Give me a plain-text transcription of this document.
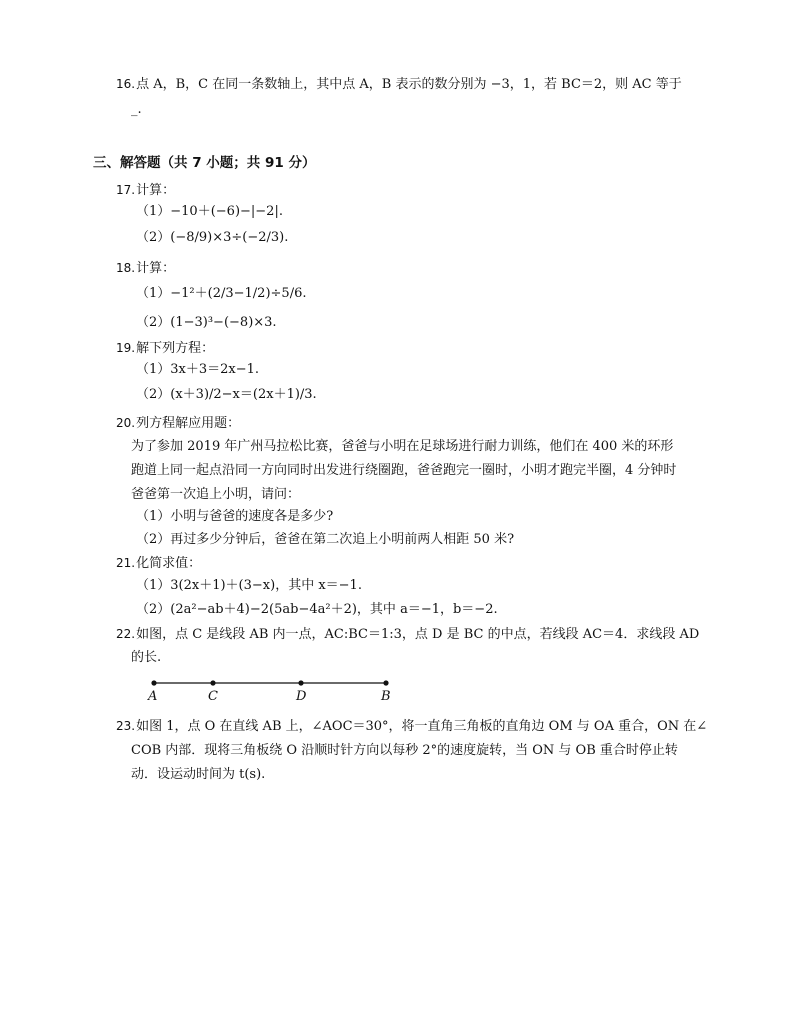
16.点 A，B，C 在同一条数轴上，其中点 A，B 表示的数分别为 −3，1，若 BC＝2，则 AC 等于
_.
三、解答题（共 7 小题；共 91 分）
17.计算：
（1）−10＋(−6)−|−2|.
（2）(−8/9)×3÷(−2/3).
18.计算：
（1）−1²＋(2/3−1/2)÷5/6.
（2）(1−3)³−(−8)×3.
19.解下列方程：
（1）3x＋3＝2x−1.
（2）(x＋3)/2−x＝(2x＋1)/3.
20.列方程解应用题：
为了参加 2019 年广州马拉松比赛，爸爸与小明在足球场进行耐力训练，他们在 400 米的环形
跑道上同一起点沿同一方向同时出发进行绕圈跑，爸爸跑完一圈时，小明才跑完半圈，4 分钟时
爸爸第一次追上小明，请问：
（1）小明与爸爸的速度各是多少?
（2）再过多少分钟后，爸爸在第二次追上小明前两人相距 50 米?
21.化简求值：
（1）3(2x＋1)＋(3−x)，其中 x＝−1.
（2）(2a²−ab＋4)−2(5ab−4a²＋2)，其中 a＝−1，b＝−2.
22.如图，点 C 是线段 AB 内一点，AC:BC＝1:3，点 D 是 BC 的中点，若线段 AC＝4．求线段 AD
的长.
A	C	D	B
23.如图 1，点 O 在直线 AB 上，∠AOC＝30°，将一直角三角板的直角边 OM 与 OA 重合，ON 在∠
COB 内部．现将三角板绕 O 沿顺时针方向以每秒 2°的速度旋转，当 ON 与 OB 重合时停止转
动．设运动时间为 t(s).
